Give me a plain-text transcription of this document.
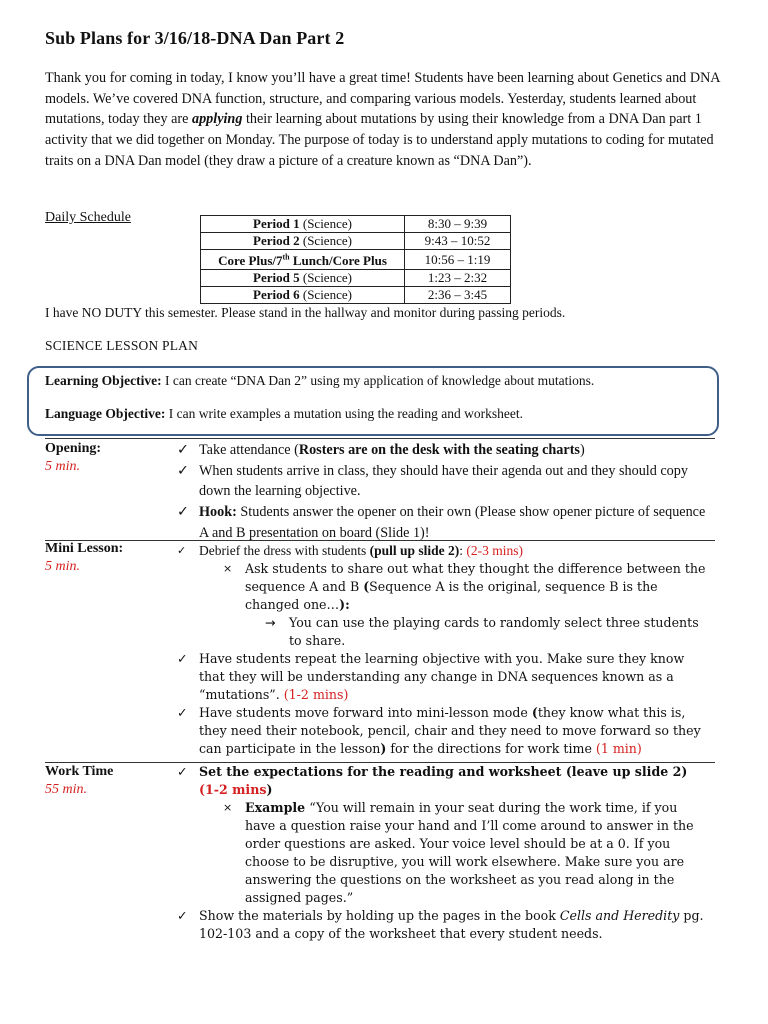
Sub Plans for 3/16/18-DNA Dan Part 2

Thank you for coming in today, I know you’ll have a great time! Students have been learning about Genetics and DNA models. We’ve covered DNA function, structure, and comparing various models. Yesterday, students learned about mutations, today they are applying their learning about mutations by using their knowledge from a DNA Dan part 1 activity that we did together on Monday. The purpose of today is to understand apply mutations to coding for mutated traits on a DNA Dan model (they draw a picture of a creature known as “DNA Dan”).

Daily Schedule	Period 1 (Science)	8:30 – 9:39
Period 2 (Science)	9:43 – 10:52
Core Plus/7th Lunch/Core Plus	10:56 – 1:19
Period 5 (Science)	1:23 – 2:32
Period 6 (Science)	2:36 – 3:45
I have NO DUTY this semester. Please stand in the hallway and monitor during passing periods.
SCIENCE LESSON PLAN
Learning Objective: I can create “DNA Dan 2” using my application of knowledge about mutations.
Language Objective: I can write examples a mutation using the reading and worksheet.
Opening:
5 min.
✓ Take attendance (Rosters are on the desk with the seating charts)
✓ When students arrive in class, they should have their agenda out and they should copy down the learning objective.
✓ Hook: Students answer the opener on their own (Please show opener picture of sequence A and B presentation on board (Slide 1)!
Mini Lesson:
5 min.
✓ Debrief the dress with students (pull up slide 2): (2-3 mins)
× Ask students to share out what they thought the difference between the sequence A and B (Sequence A is the original, sequence B is the changed one…):
→ You can use the playing cards to randomly select three students to share.
✓ Have students repeat the learning objective with you. Make sure they know that they will be understanding any change in DNA sequences known as a “mutations”. (1-2 mins)
✓ Have students move forward into mini-lesson mode (they know what this is, they need their notebook, pencil, chair and they need to move forward so they can participate in the lesson) for the directions for work time (1 min)
Work Time
55 min.
✓ Set the expectations for the reading and worksheet (leave up slide 2) (1-2 mins)
× Example “You will remain in your seat during the work time, if you have a question raise your hand and I’ll come around to answer in the order questions are asked. Your voice level should be at a 0. If you choose to be disruptive, you will work elsewhere. Make sure you are answering the questions on the worksheet as you read along in the assigned pages.”
✓ Show the materials by holding up the pages in the book Cells and Heredity pg. 102-103 and a copy of the worksheet that every student needs.
